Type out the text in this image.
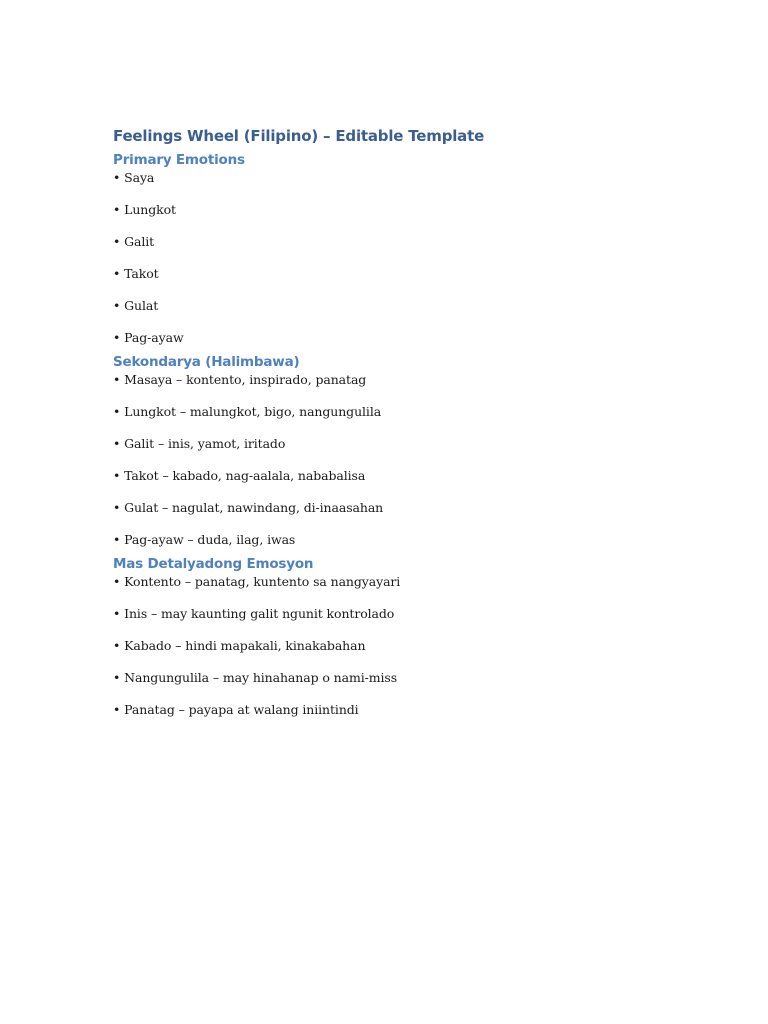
Feelings Wheel (Filipino) – Editable Template
Primary Emotions
• Saya
• Lungkot
• Galit
• Takot
• Gulat
• Pag-ayaw
Sekondarya (Halimbawa)
• Masaya – kontento, inspirado, panatag
• Lungkot – malungkot, bigo, nangungulila
• Galit – inis, yamot, iritado
• Takot – kabado, nag-aalala, nababalisa
• Gulat – nagulat, nawindang, di-inaasahan
• Pag-ayaw – duda, ilag, iwas
Mas Detalyadong Emosyon
• Kontento – panatag, kuntento sa nangyayari
• Inis – may kaunting galit ngunit kontrolado
• Kabado – hindi mapakali, kinakabahan
• Nangungulila – may hinahanap o nami-miss
• Panatag – payapa at walang iniintindi
